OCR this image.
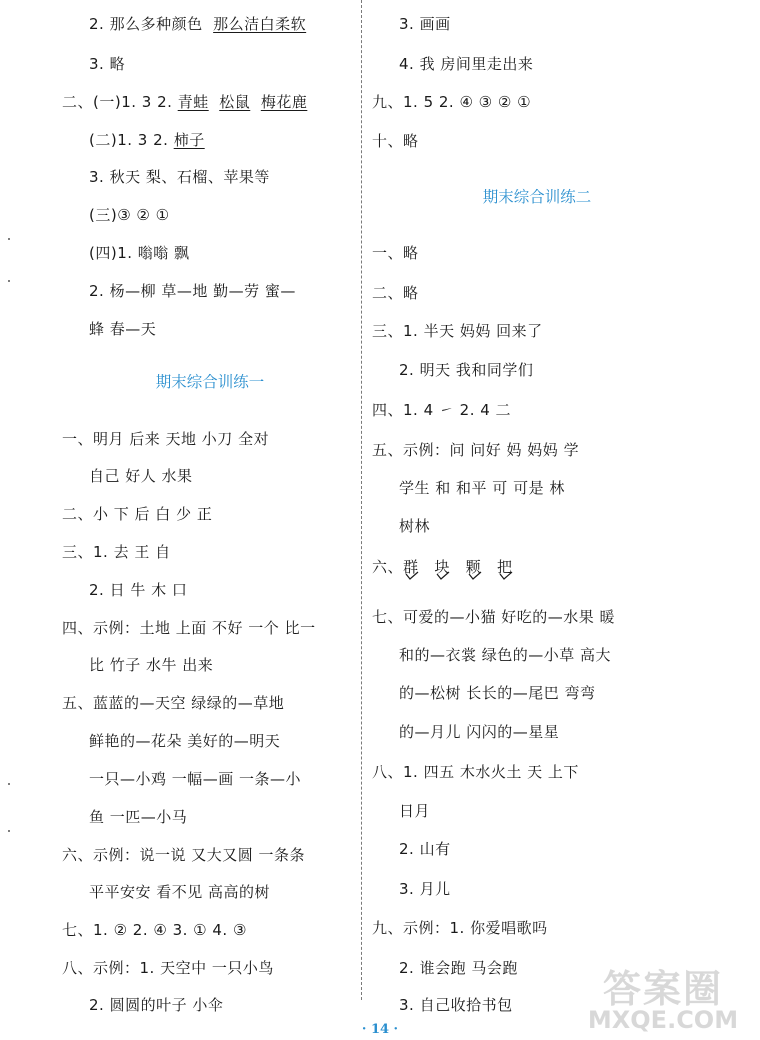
2. 那么多种颜色 那么洁白柔软
3. 略
二、(一)1. 3 2. 青蛙 松鼠 梅花鹿
(二)1. 3 2. 柿子
3. 秋天 梨、石榴、苹果等
(三)③ ② ①
(四)1. 嗡嗡 飘
2. 杨—柳 草—地 勤—劳 蜜—
蜂 春—天
期末综合训练一
一、明月 后来 天地 小刀 全对
自己 好人 水果
二、小 下 后 白 少 正
三、1. 去 王 自
2. 日 牛 木 口
四、示例：土地 上面 不好 一个 比一
比 竹子 水牛 出来
五、蓝蓝的—天空 绿绿的—草地
鲜艳的—花朵 美好的—明天
一只—小鸡 一幅—画 一条—小
鱼 一匹—小马
六、示例：说一说 又大又圆 一条条
平平安安 看不见 高高的树
七、1. ② 2. ④ 3. ① 4. ③
八、示例：1. 天空中 一只小鸟
2. 圆圆的叶子 小伞
3. 画画
4. 我 房间里走出来
九、1. 5 2. ④ ③ ② ①
十、略
期末综合训练二
一、略
二、略
三、1. 半天 妈妈 回来了
2. 明天 我和同学们
四、1. 4 ㇀ 2. 4 二
五、示例：问 问好 妈 妈妈 学
学生 和 和平 可 可是 林
树林
六、群 块 颗 把
七、可爱的—小猫 好吃的—水果 暖
和的—衣裳 绿色的—小草 高大
的—松树 长长的—尾巴 弯弯
的—月儿 闪闪的—星星
八、1. 四五 木水火土 天 上下
日月
2. 山有
3. 月儿
九、示例：1. 你爱唱歌吗
2. 谁会跑 马会跑
3. 自己收拾书包
· 14 ·
答案圈
MXQE.COM
